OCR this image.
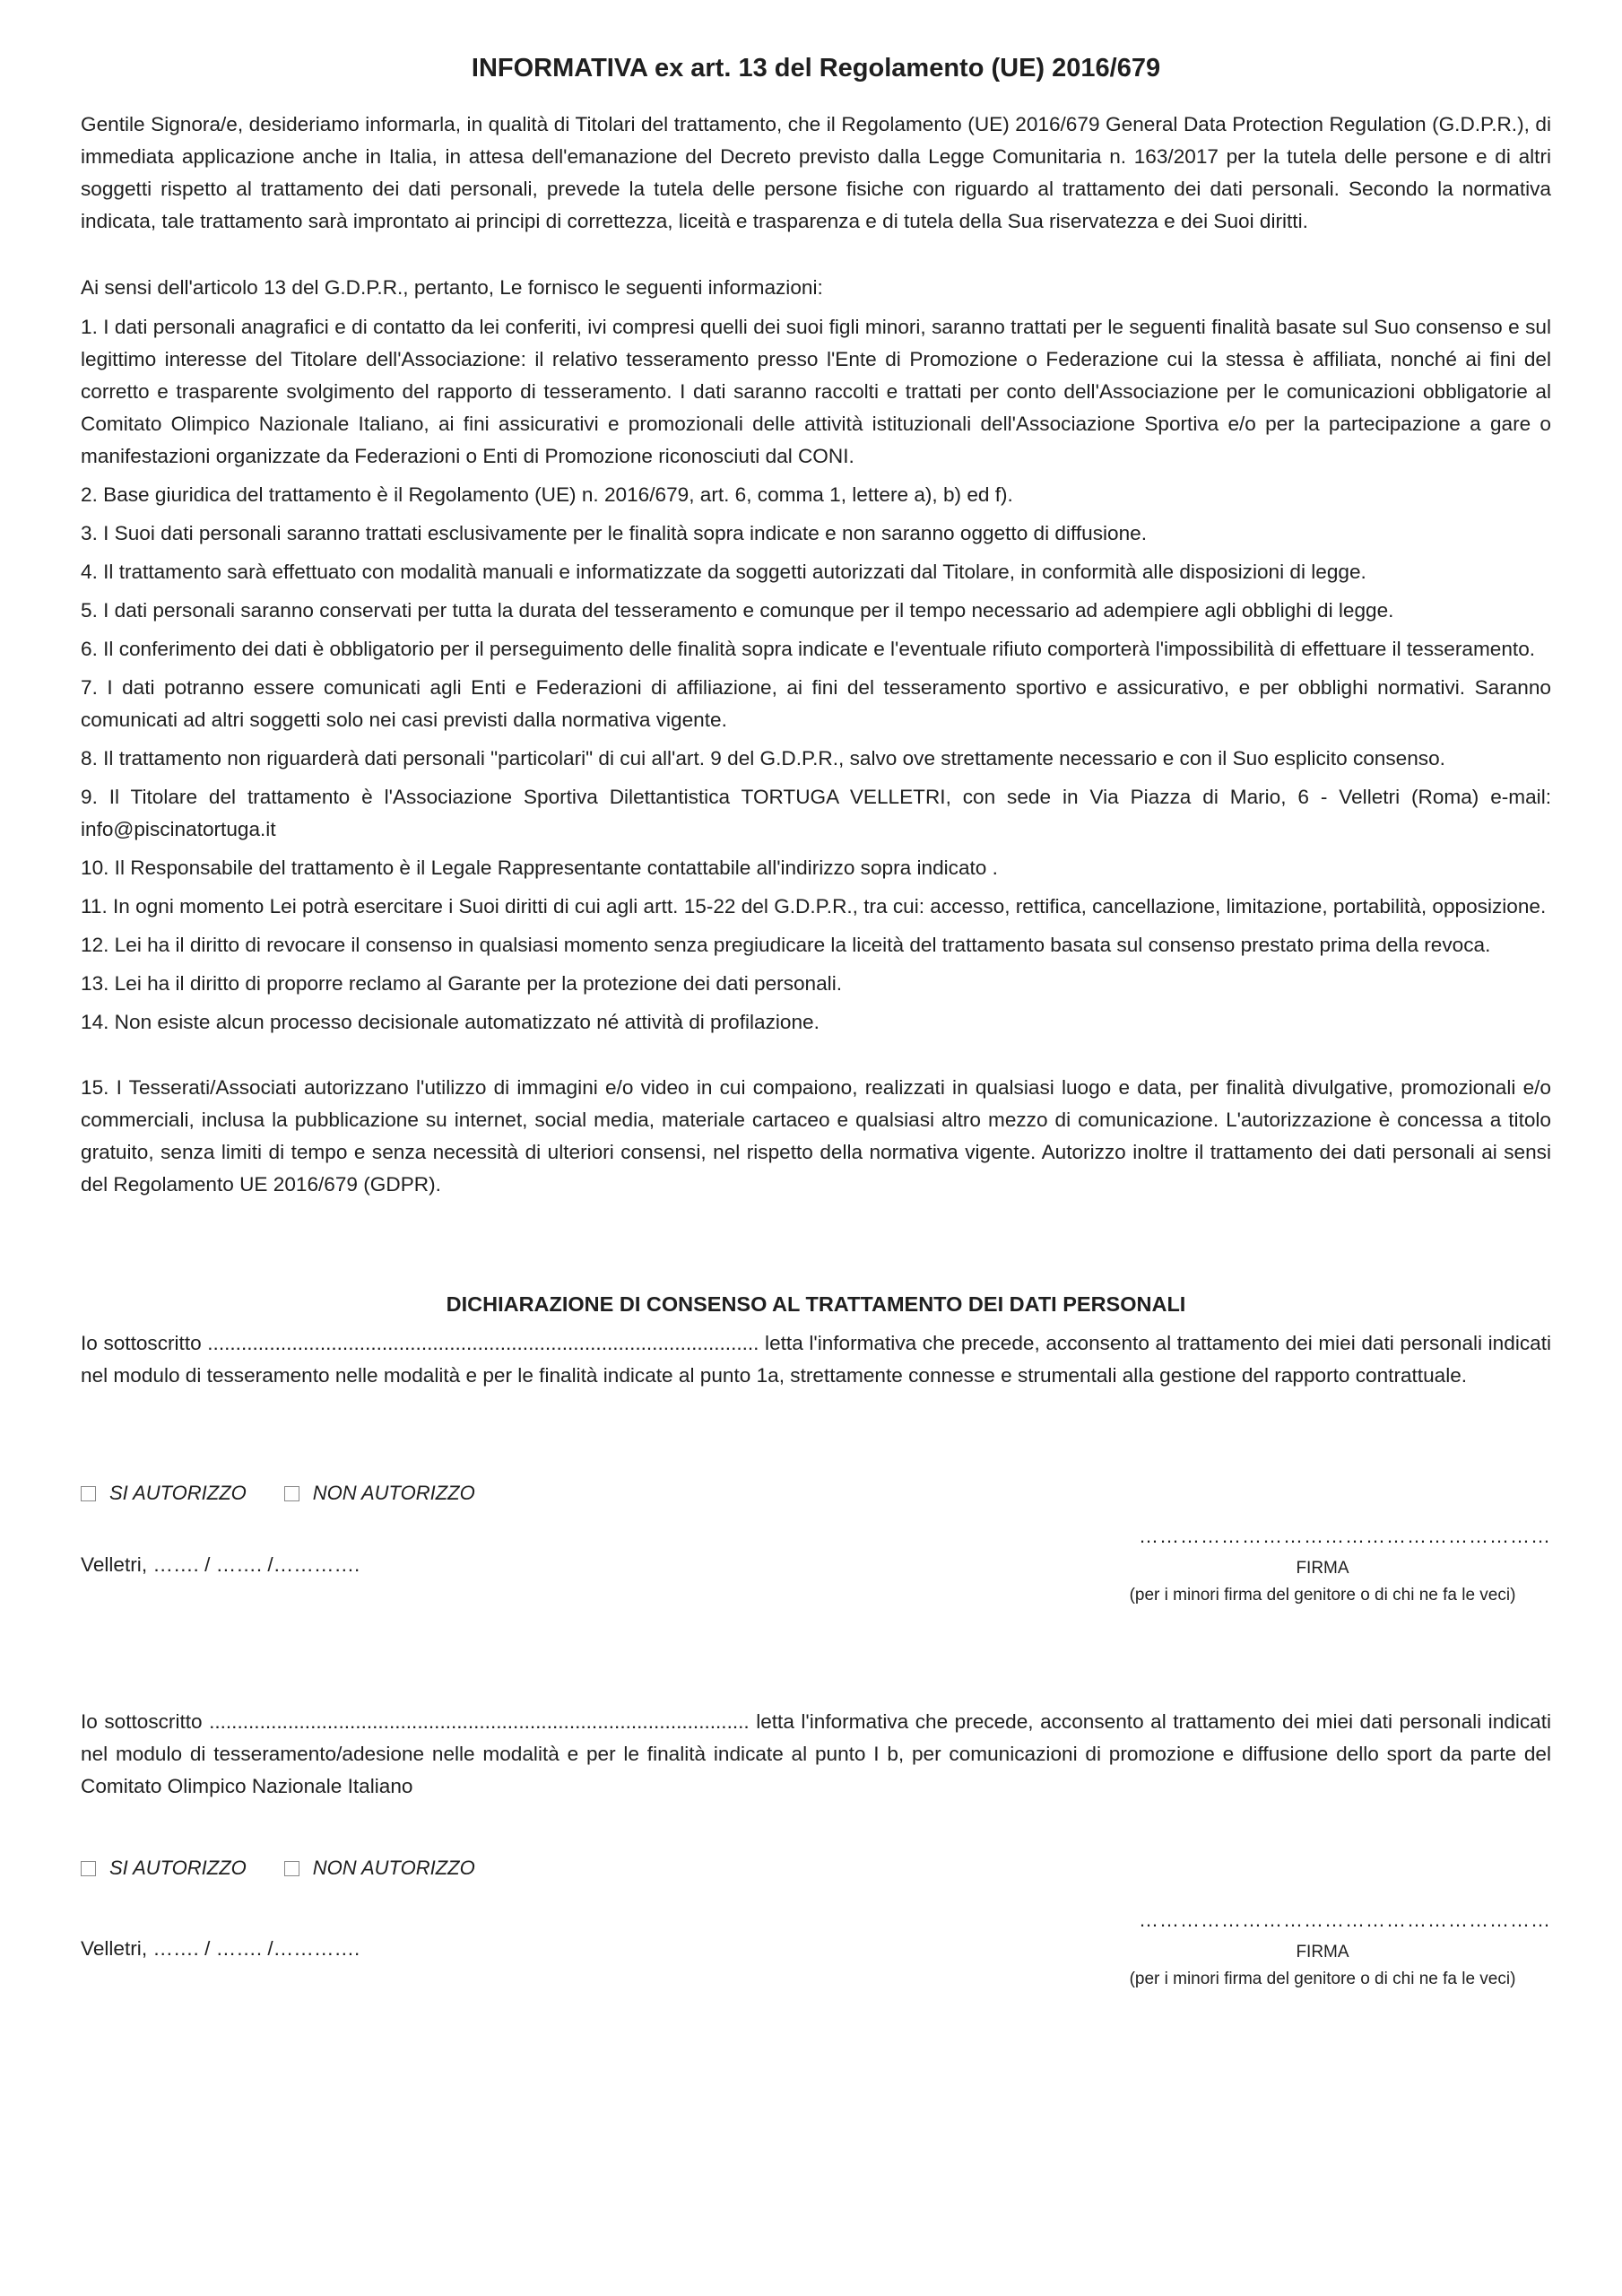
INFORMATIVA ex art. 13 del Regolamento (UE) 2016/679

Gentile Signora/e, desideriamo informarla, in qualità di Titolari del trattamento, che il Regolamento (UE) 2016/679 General Data Protection Regulation (G.D.P.R.), di immediata applicazione anche in Italia, in attesa dell'emanazione del Decreto previsto dalla Legge Comunitaria n. 163/2017 per la tutela delle persone e di altri soggetti rispetto al trattamento dei dati personali, prevede la tutela delle persone fisiche con riguardo al trattamento dei dati personali. Secondo la normativa indicata, tale trattamento sarà improntato ai principi di correttezza, liceità e trasparenza e di tutela della Sua riservatezza e dei Suoi diritti.

Ai sensi dell'articolo 13 del G.D.P.R., pertanto, Le fornisco le seguenti informazioni:

1. I dati personali anagrafici e di contatto da lei conferiti, ivi compresi quelli dei suoi figli minori, saranno trattati per le seguenti finalità basate sul Suo consenso e sul legittimo interesse del Titolare dell'Associazione: il relativo tesseramento presso l'Ente di Promozione o Federazione cui la stessa è affiliata, nonché ai fini del corretto e trasparente svolgimento del rapporto di tesseramento. I dati saranno raccolti e trattati per conto dell'Associazione per le comunicazioni obbligatorie al Comitato Olimpico Nazionale Italiano, ai fini assicurativi e promozionali delle attività istituzionali dell'Associazione Sportiva e/o per la partecipazione a gare o manifestazioni organizzate da Federazioni o Enti di Promozione riconosciuti dal CONI.

2. Base giuridica del trattamento è il Regolamento (UE) n. 2016/679, art. 6, comma 1, lettere a), b) ed f).

3. I Suoi dati personali saranno trattati esclusivamente per le finalità sopra indicate e non saranno oggetto di diffusione.

4. Il trattamento sarà effettuato con modalità manuali e informatizzate da soggetti autorizzati dal Titolare, in conformità alle disposizioni di legge.

5. I dati personali saranno conservati per tutta la durata del tesseramento e comunque per il tempo necessario ad adempiere agli obblighi di legge.

6. Il conferimento dei dati è obbligatorio per il perseguimento delle finalità sopra indicate e l'eventuale rifiuto comporterà l'impossibilità di effettuare il tesseramento.

7. I dati potranno essere comunicati agli Enti e Federazioni di affiliazione, ai fini del tesseramento sportivo e assicurativo, e per obblighi normativi. Saranno comunicati ad altri soggetti solo nei casi previsti dalla normativa vigente.

8. Il trattamento non riguarderà dati personali "particolari" di cui all'art. 9 del G.D.P.R., salvo ove strettamente necessario e con il Suo esplicito consenso.

9. Il Titolare del trattamento è l'Associazione Sportiva Dilettantistica TORTUGA VELLETRI, con sede in Via Piazza di Mario, 6 - Velletri (Roma) e-mail: info@piscinatortuga.it

10. Il Responsabile del trattamento è il Legale Rappresentante contattabile all'indirizzo sopra indicato .

11. In ogni momento Lei potrà esercitare i Suoi diritti di cui agli artt. 15-22 del G.D.P.R., tra cui: accesso, rettifica, cancellazione, limitazione, portabilità, opposizione.

12. Lei ha il diritto di revocare il consenso in qualsiasi momento senza pregiudicare la liceità del trattamento basata sul consenso prestato prima della revoca.

13. Lei ha il diritto di proporre reclamo al Garante per la protezione dei dati personali.

14. Non esiste alcun processo decisionale automatizzato né attività di profilazione.

15. I Tesserati/Associati autorizzano l'utilizzo di immagini e/o video in cui compaiono, realizzati in qualsiasi luogo e data, per finalità divulgative, promozionali e/o commerciali, inclusa la pubblicazione su internet, social media, materiale cartaceo e qualsiasi altro mezzo di comunicazione. L'autorizzazione è concessa a titolo gratuito, senza limiti di tempo e senza necessità di ulteriori consensi, nel rispetto della normativa vigente. Autorizzo inoltre il trattamento dei dati personali ai sensi del Regolamento UE 2016/679 (GDPR).

DICHIARAZIONE DI CONSENSO AL TRATTAMENTO DEI DATI PERSONALI

Io sottoscritto .................................................................................................. letta l'informativa che precede, acconsento al trattamento dei miei dati personali indicati nel modulo di tesseramento nelle modalità e per le finalità indicate al punto 1a, strettamente connesse e strumentali alla gestione del rapporto contrattuale.

SI AUTORIZZO	NON AUTORIZZO
Velletri, ……. / ……. /………….
……………………………………………………
FIRMA
(per i minori firma del genitore o di chi ne fa le veci)

Io sottoscritto ................................................................................................ letta l'informativa che precede, acconsento al trattamento dei miei dati personali indicati nel modulo di tesseramento/adesione nelle modalità e per le finalità indicate al punto I b, per comunicazioni di promozione e diffusione dello sport da parte del Comitato Olimpico Nazionale Italiano

SI AUTORIZZO	NON AUTORIZZO
Velletri, ……. / ……. /………….
……………………………………………………
FIRMA
(per i minori firma del genitore o di chi ne fa le veci)
